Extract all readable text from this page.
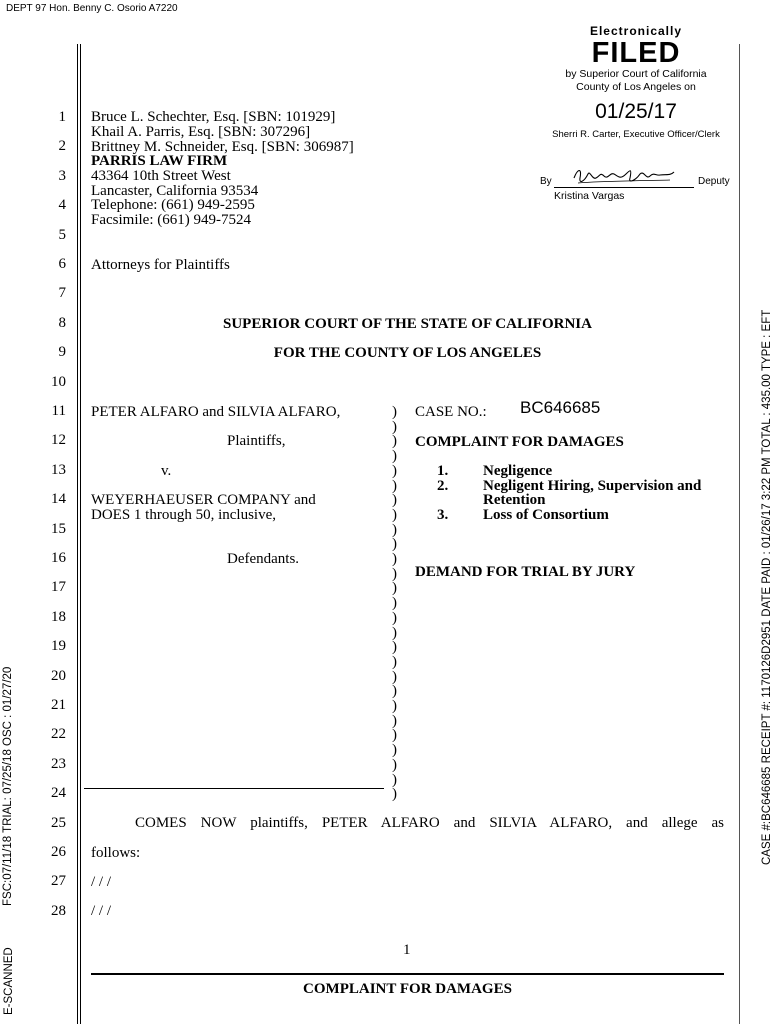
DEPT 97 Hon. Benny C. Osorio A7220
1
2
3
4
5
6
7
8
9
10
11
12
13
14
15
16
17
18
19
20
21
22
23
24
25
26
27
28
Electronically
FILED
by Superior Court of California
County of Los Angeles on
01/25/17
Sherri R. Carter, Executive Officer/Clerk
By	Deputy
Kristina Vargas
Bruce L. Schechter, Esq. [SBN: 101929]
Khail A. Parris, Esq. [SBN: 307296]
Brittney M. Schneider, Esq. [SBN: 306987]
PARRIS LAW FIRM
43364 10th Street West
Lancaster, California 93534
Telephone: (661) 949-2595
Facsimile: (661) 949-7524
Attorneys for Plaintiffs
SUPERIOR COURT OF THE STATE OF CALIFORNIA
FOR THE COUNTY OF LOS ANGELES
PETER ALFARO and SILVIA ALFARO,
Plaintiffs,
v.
WEYERHAEUSER COMPANY and
DOES 1 through 50, inclusive,
Defendants.
)
)
)
)
)
)
)
)
)
)
)
)
)
)
)
)
)
)
)
)
)
)
)
)
)
)
)
CASE NO.: BC646685
COMPLAINT FOR DAMAGES
1. Negligence
2. Negligent Hiring, Supervision and
Retention
3. Loss of Consortium
DEMAND FOR TRIAL BY JURY
COMES NOW plaintiffs, PETER ALFARO and SILVIA ALFARO, and allege as
follows:
/ / /
/ / /
1
COMPLAINT FOR DAMAGES
E-SCANNED
FSC:07/11/18 TRIAL: 07/25/18 OSC : 01/27/20	CASE #:BC646685 RECEIPT #: 1170126D2951 DATE PAID : 01/26/17 3:22 PM TOTAL : 435.00 TYPE : EFT
